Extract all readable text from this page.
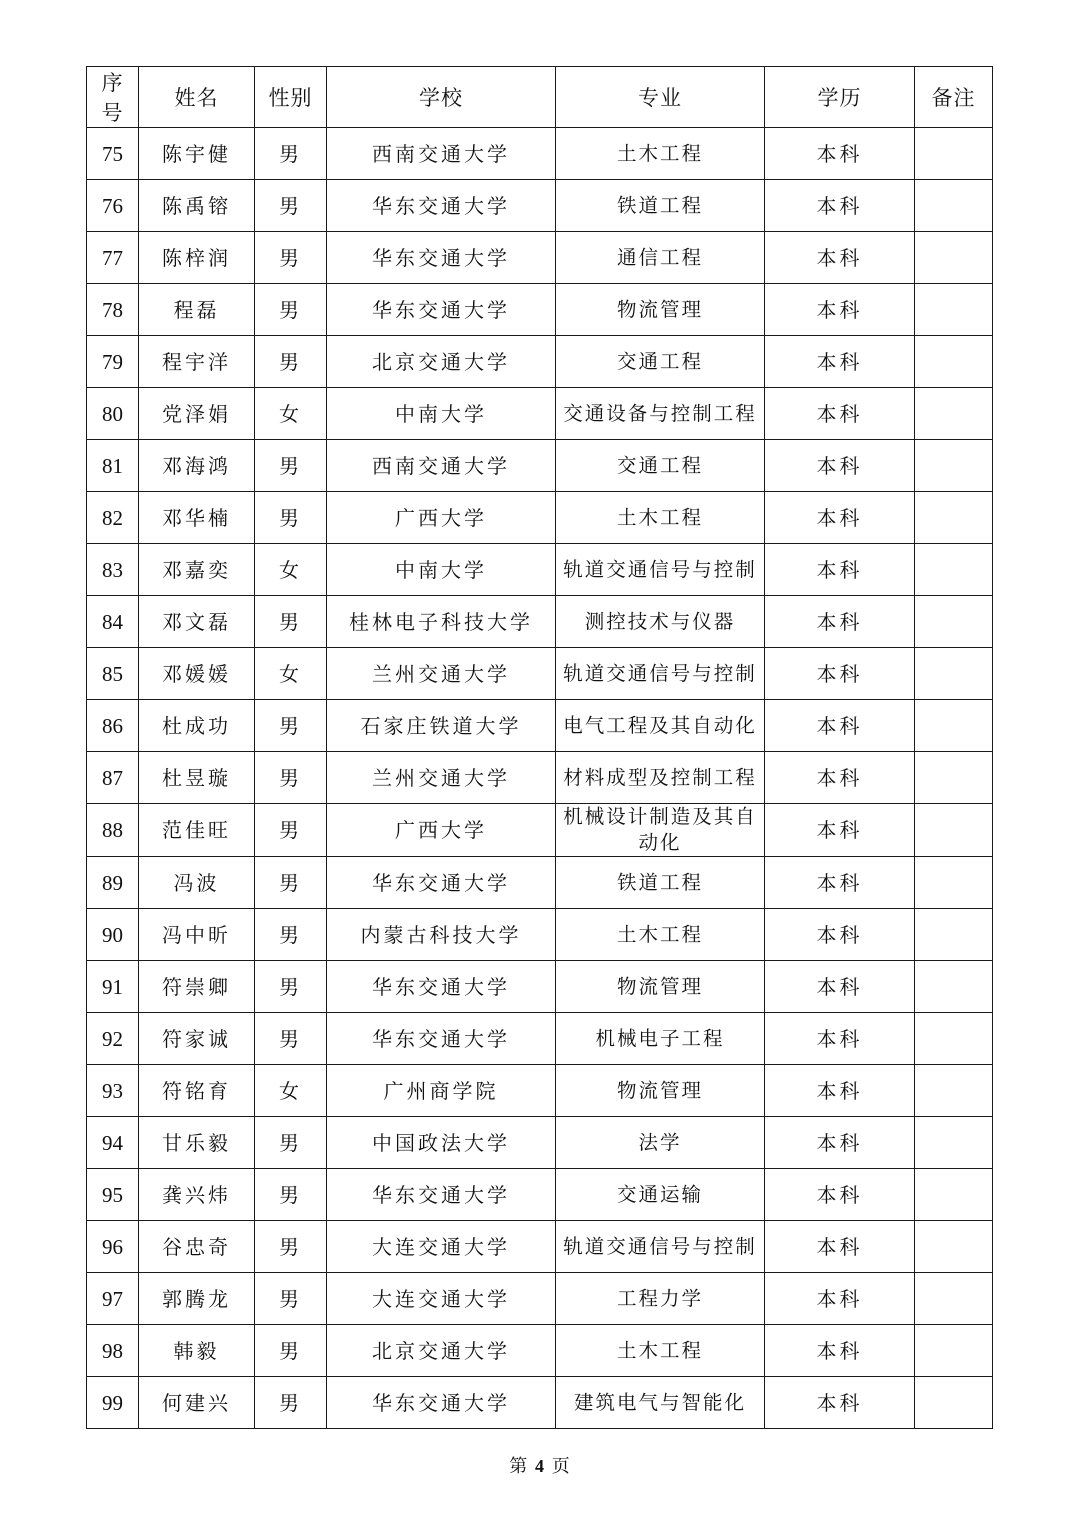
序号	姓名	性别	学校	专业	学历	备注
75	陈宇健	男	西南交通大学	土木工程	本科	
76	陈禹镕	男	华东交通大学	铁道工程	本科	
77	陈梓润	男	华东交通大学	通信工程	本科	
78	程磊	男	华东交通大学	物流管理	本科	
79	程宇洋	男	北京交通大学	交通工程	本科	
80	党泽娟	女	中南大学	交通设备与控制工程	本科	
81	邓海鸿	男	西南交通大学	交通工程	本科	
82	邓华楠	男	广西大学	土木工程	本科	
83	邓嘉奕	女	中南大学	轨道交通信号与控制	本科	
84	邓文磊	男	桂林电子科技大学	测控技术与仪器	本科	
85	邓媛媛	女	兰州交通大学	轨道交通信号与控制	本科	
86	杜成功	男	石家庄铁道大学	电气工程及其自动化	本科	
87	杜昱璇	男	兰州交通大学	材料成型及控制工程	本科	
88	范佳旺	男	广西大学	机械设计制造及其自动化	本科	
89	冯波	男	华东交通大学	铁道工程	本科	
90	冯中昕	男	内蒙古科技大学	土木工程	本科	
91	符崇卿	男	华东交通大学	物流管理	本科	
92	符家诚	男	华东交通大学	机械电子工程	本科	
93	符铭育	女	广州商学院	物流管理	本科	
94	甘乐毅	男	中国政法大学	法学	本科	
95	龚兴炜	男	华东交通大学	交通运输	本科	
96	谷忠奇	男	大连交通大学	轨道交通信号与控制	本科	
97	郭腾龙	男	大连交通大学	工程力学	本科	
98	韩毅	男	北京交通大学	土木工程	本科	
99	何建兴	男	华东交通大学	建筑电气与智能化	本科	
第 4 页
